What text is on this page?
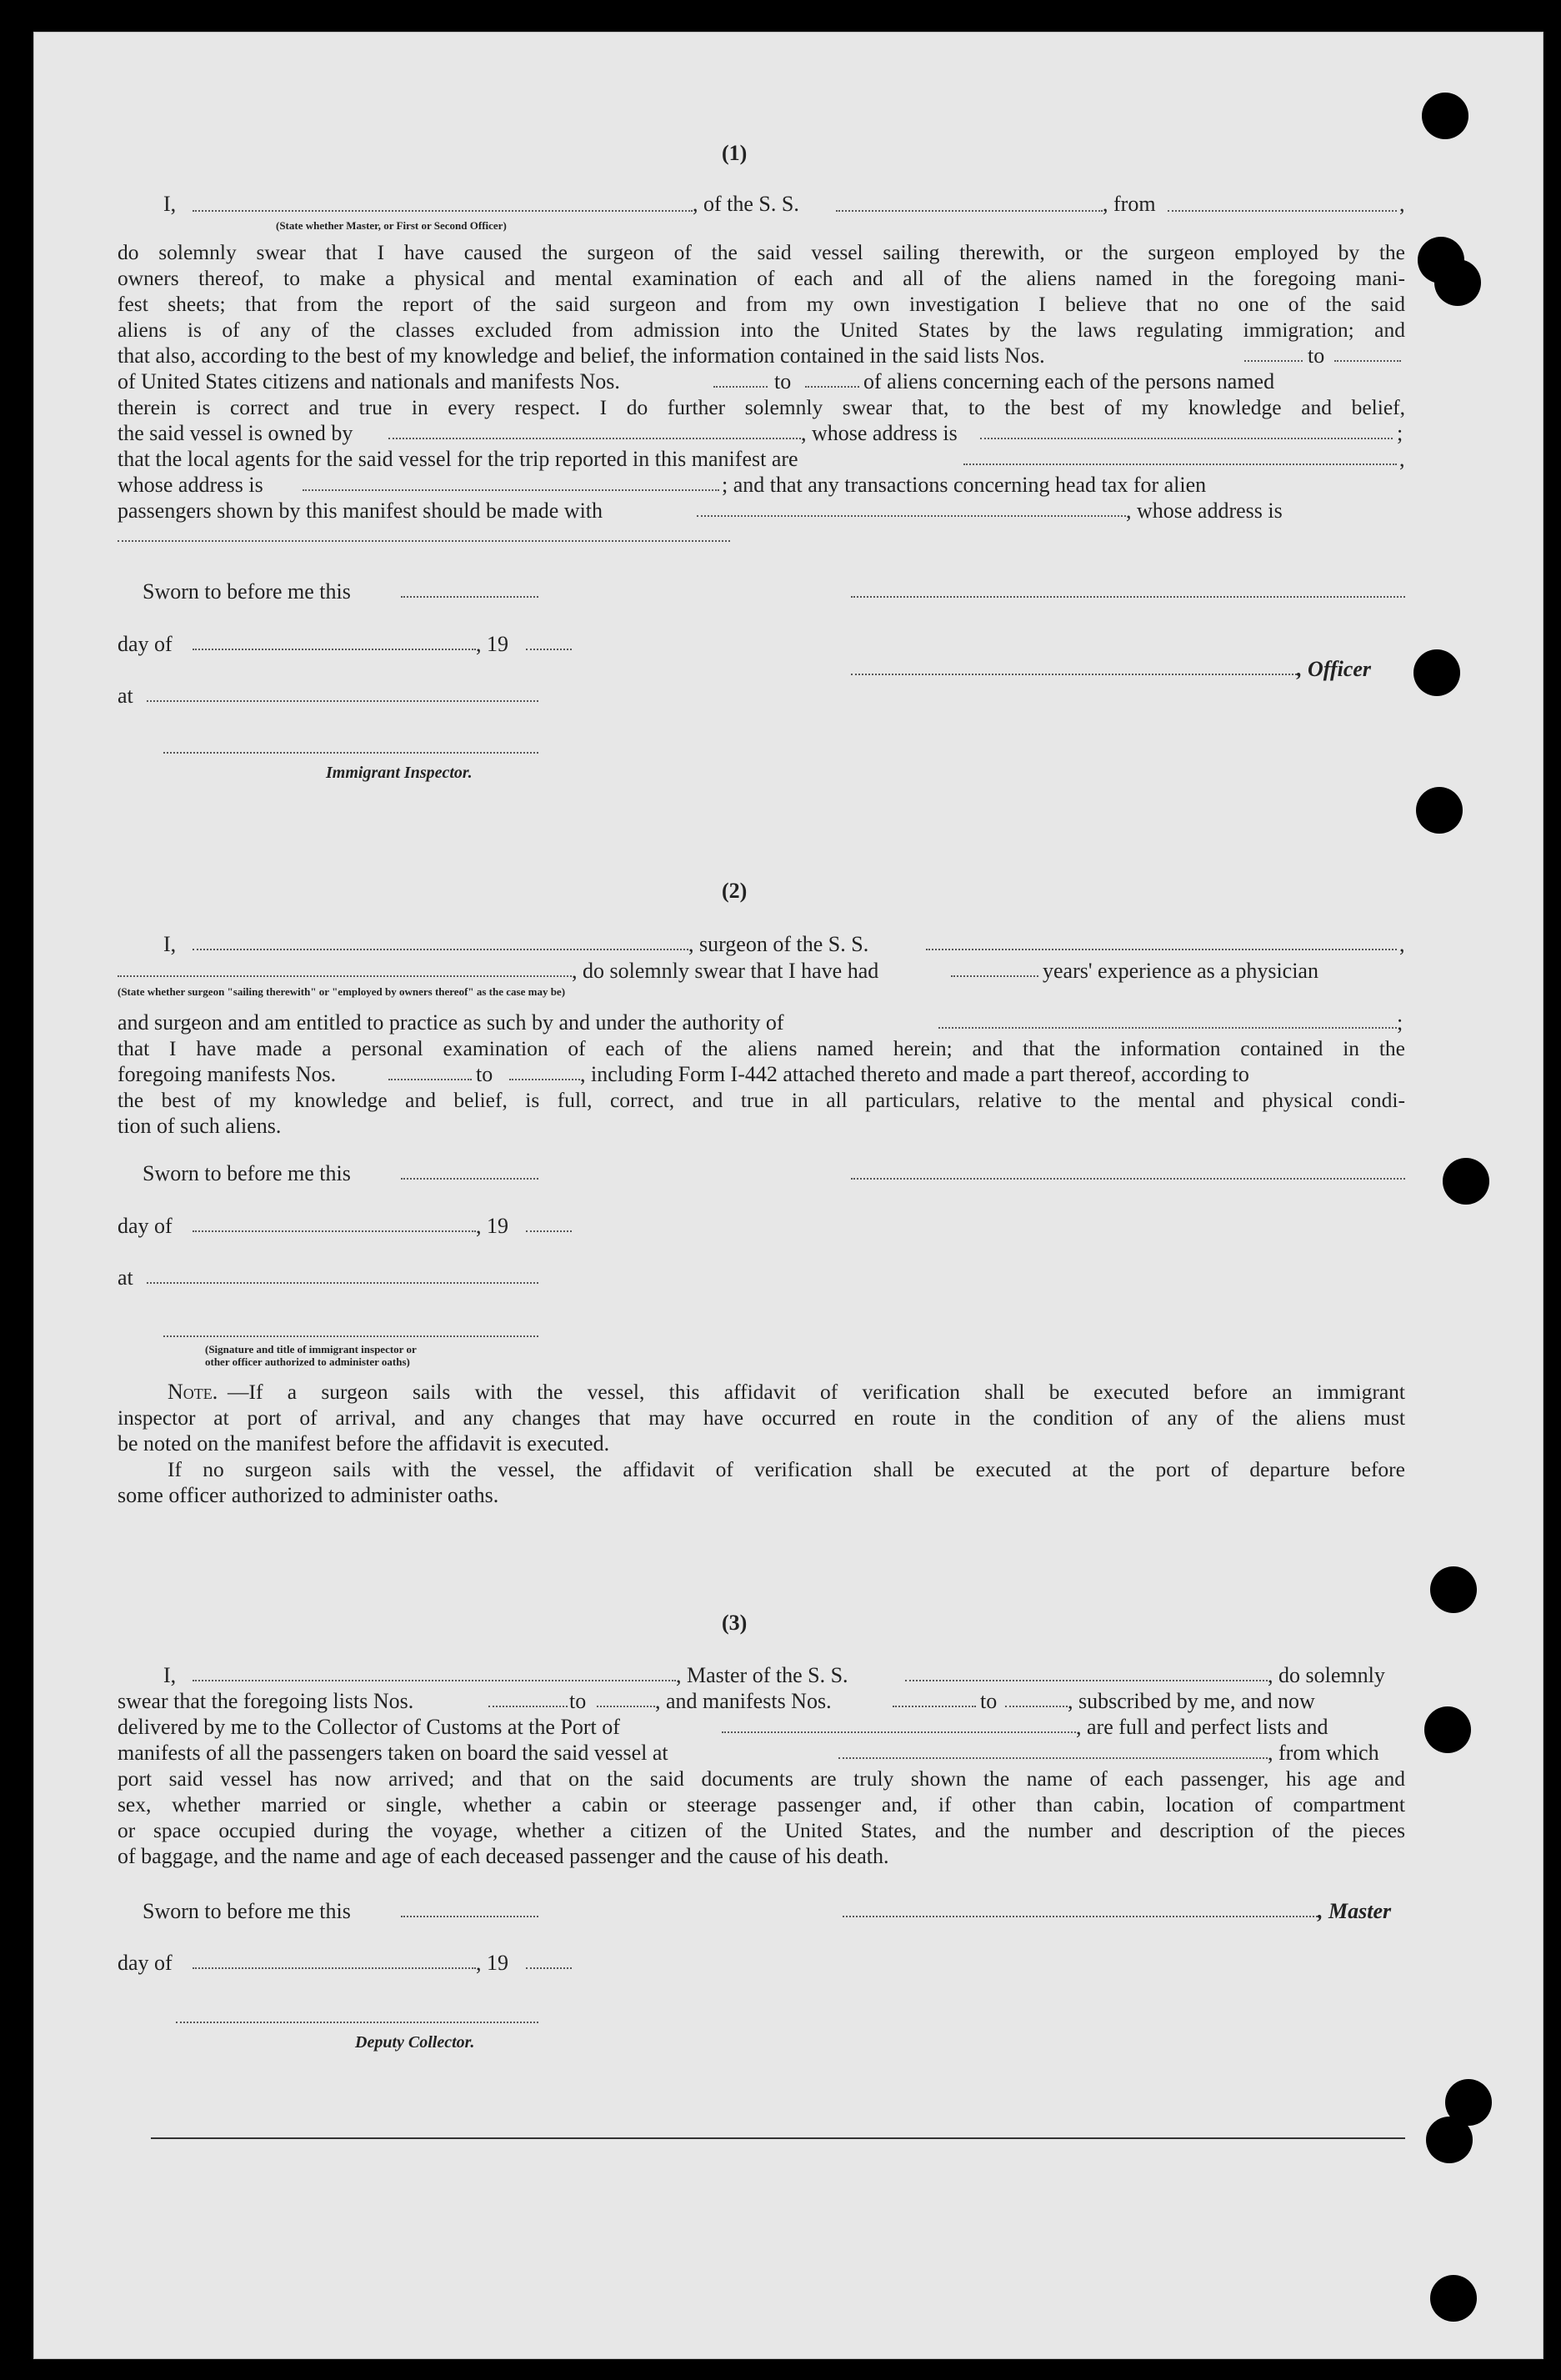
(1)
I,
(State whether Master, or First or Second Officer)
, of the S. S.	, from	,
do solemnly swear that I have caused the surgeon of the said vessel sailing therewith, or the surgeon employed by the
owners thereof, to make a physical and mental examination of each and all of the aliens named in the foregoing mani-
fest sheets; that from the report of the said surgeon and from my own investigation I believe that no one of the said
aliens is of any of the classes excluded from admission into the United States by the laws regulating immigration; and
that also, according to the best of my knowledge and belief, the information contained in the said lists Nos.	to
of United States citizens and nationals and manifests Nos.	to	of aliens concerning each of the persons named
therein is correct and true in every respect. I do further solemnly swear that, to the best of my knowledge and belief,
the said vessel is owned by	, whose address is	;
that the local agents for the said vessel for the trip reported in this manifest are	,
whose address is	; and that any transactions concerning head tax for alien
passengers shown by this manifest should be made with	, whose address is
Sworn to before me this
day of	, 19
, Officer
at
Immigrant Inspector.
(2)
I,	, surgeon of the S. S.	,
, do solemnly swear that I have had	years' experience as a physician
(State whether surgeon "sailing therewith" or "employed by owners thereof" as the case may be)
and surgeon and am entitled to practice as such by and under the authority of	;
that I have made a personal examination of each of the aliens named herein; and that the information contained in the
foregoing manifests Nos.	to	, including Form I-442 attached thereto and made a part thereof, according to
the best of my knowledge and belief, is full, correct, and true in all particulars, relative to the mental and physical condi-
tion of such aliens.
Sworn to before me this
day of	, 19
at
(Signature and title of immigrant inspector or
other officer authorized to administer oaths)
Note. —If a surgeon sails with the vessel, this affidavit of verification shall be executed before an immigrant
inspector at port of arrival, and any changes that may have occurred en route in the condition of any of the aliens must
be noted on the manifest before the affidavit is executed.
If no surgeon sails with the vessel, the affidavit of verification shall be executed at the port of departure before
some officer authorized to administer oaths.
(3)
I,	, Master of the S. S.	, do solemnly
swear that the foregoing lists Nos.	to	, and manifests Nos.	to	, subscribed by me, and now
delivered by me to the Collector of Customs at the Port of	, are full and perfect lists and
manifests of all the passengers taken on board the said vessel at	, from which
port said vessel has now arrived; and that on the said documents are truly shown the name of each passenger, his age and
sex, whether married or single, whether a cabin or steerage passenger and, if other than cabin, location of compartment
or space occupied during the voyage, whether a citizen of the United States, and the number and description of the pieces
of baggage, and the name and age of each deceased passenger and the cause of his death.
Sworn to before me this	, Master
day of	, 19
Deputy Collector.
